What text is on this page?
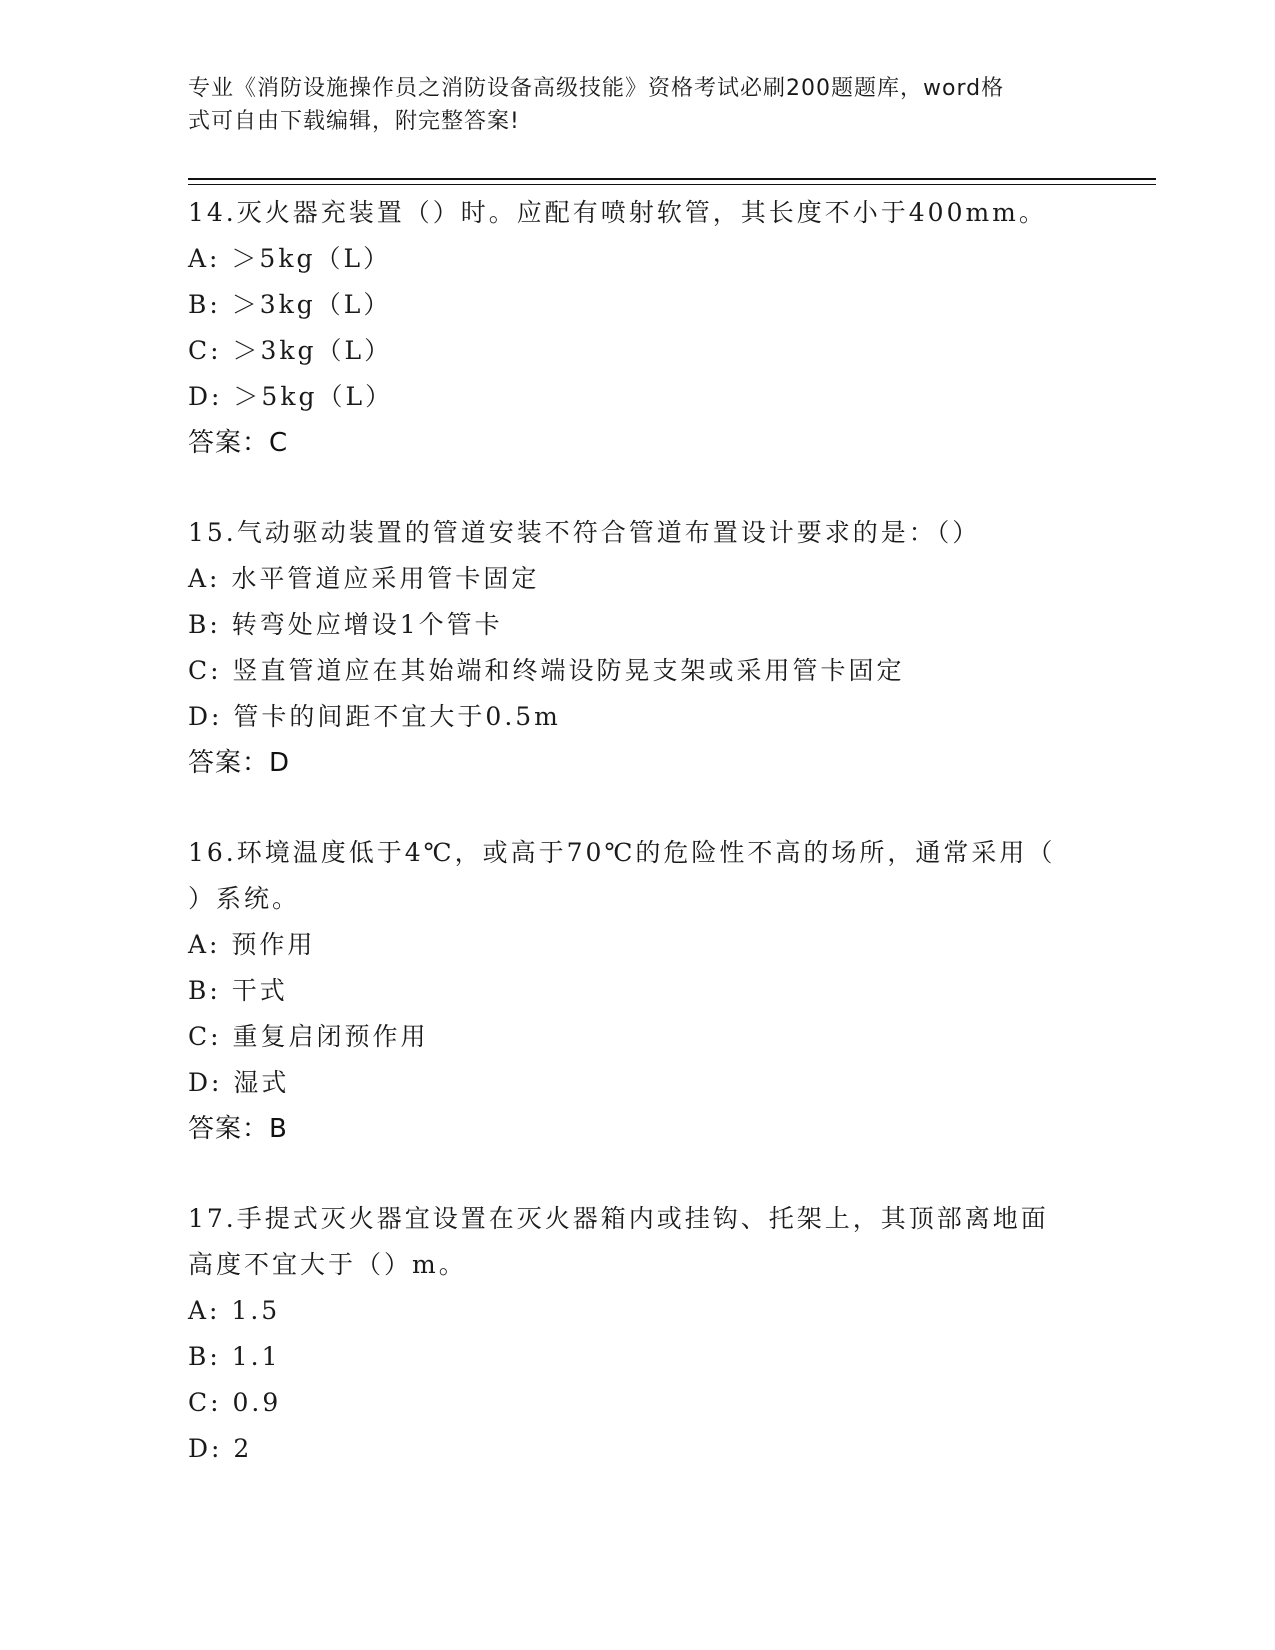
专业《消防设施操作员之消防设备高级技能》资格考试必刷200题题库，word格
式可自由下载编辑，附完整答案!
14.灭火器充装置（）时。应配有喷射软管，其长度不小于400mm。
A: ＞5kg（L）
B: ＞3kg（L）
C: ＞3kg（L）
D: ＞5kg（L）
答案：C
15.气动驱动装置的管道安装不符合管道布置设计要求的是：（）
A: 水平管道应采用管卡固定
B: 转弯处应增设1个管卡
C: 竖直管道应在其始端和终端设防晃支架或采用管卡固定
D: 管卡的间距不宜大于0.5m
答案：D
16.环境温度低于4℃，或高于70℃的危险性不高的场所，通常采用（
）系统。
A: 预作用
B: 干式
C: 重复启闭预作用
D: 湿式
答案：B
17.手提式灭火器宜设置在灭火器箱内或挂钩、托架上，其顶部离地面
高度不宜大于（）m。
A: 1.5
B: 1.1
C: 0.9
D: 2
